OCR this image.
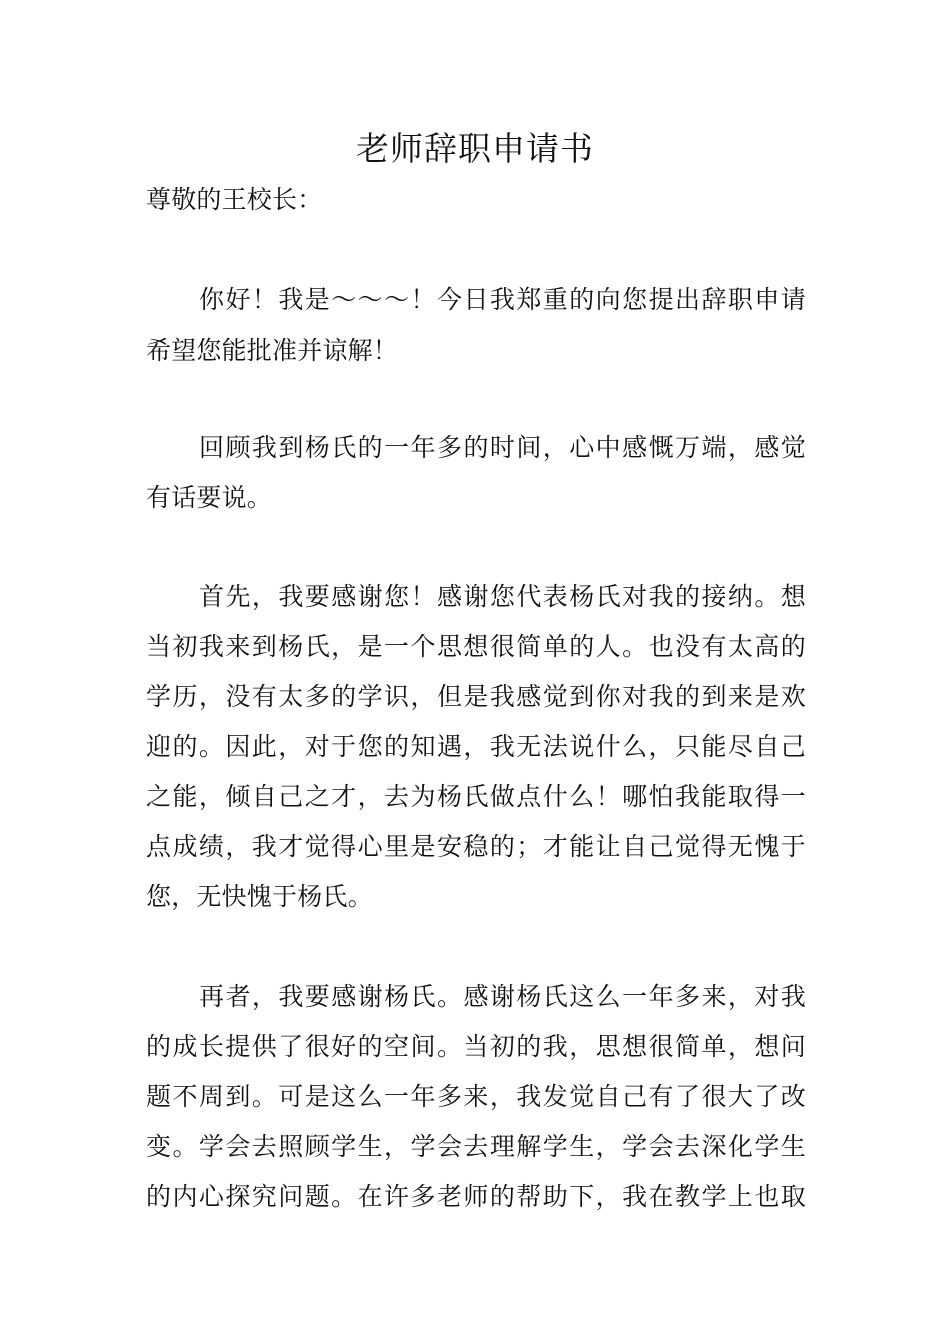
老师辞职申请书
尊敬的王校长：
你好！我是～～～！今日我郑重的向您提出辞职申请
希望您能批准并谅解！
回顾我到杨氏的一年多的时间，心中感慨万端，感觉
有话要说。
首先，我要感谢您！感谢您代表杨氏对我的接纳。想
当初我来到杨氏，是一个思想很简单的人。也没有太高的
学历，没有太多的学识，但是我感觉到你对我的到来是欢
迎的。因此，对于您的知遇，我无法说什么，只能尽自己
之能，倾自己之才，去为杨氏做点什么！哪怕我能取得一
点成绩，我才觉得心里是安稳的；才能让自己觉得无愧于
您，无快愧于杨氏。
再者，我要感谢杨氏。感谢杨氏这么一年多来，对我
的成长提供了很好的空间。当初的我，思想很简单，想问
题不周到。可是这么一年多来，我发觉自己有了很大了改
变。学会去照顾学生，学会去理解学生，学会去深化学生
的内心探究问题。在许多老师的帮助下，我在教学上也取
